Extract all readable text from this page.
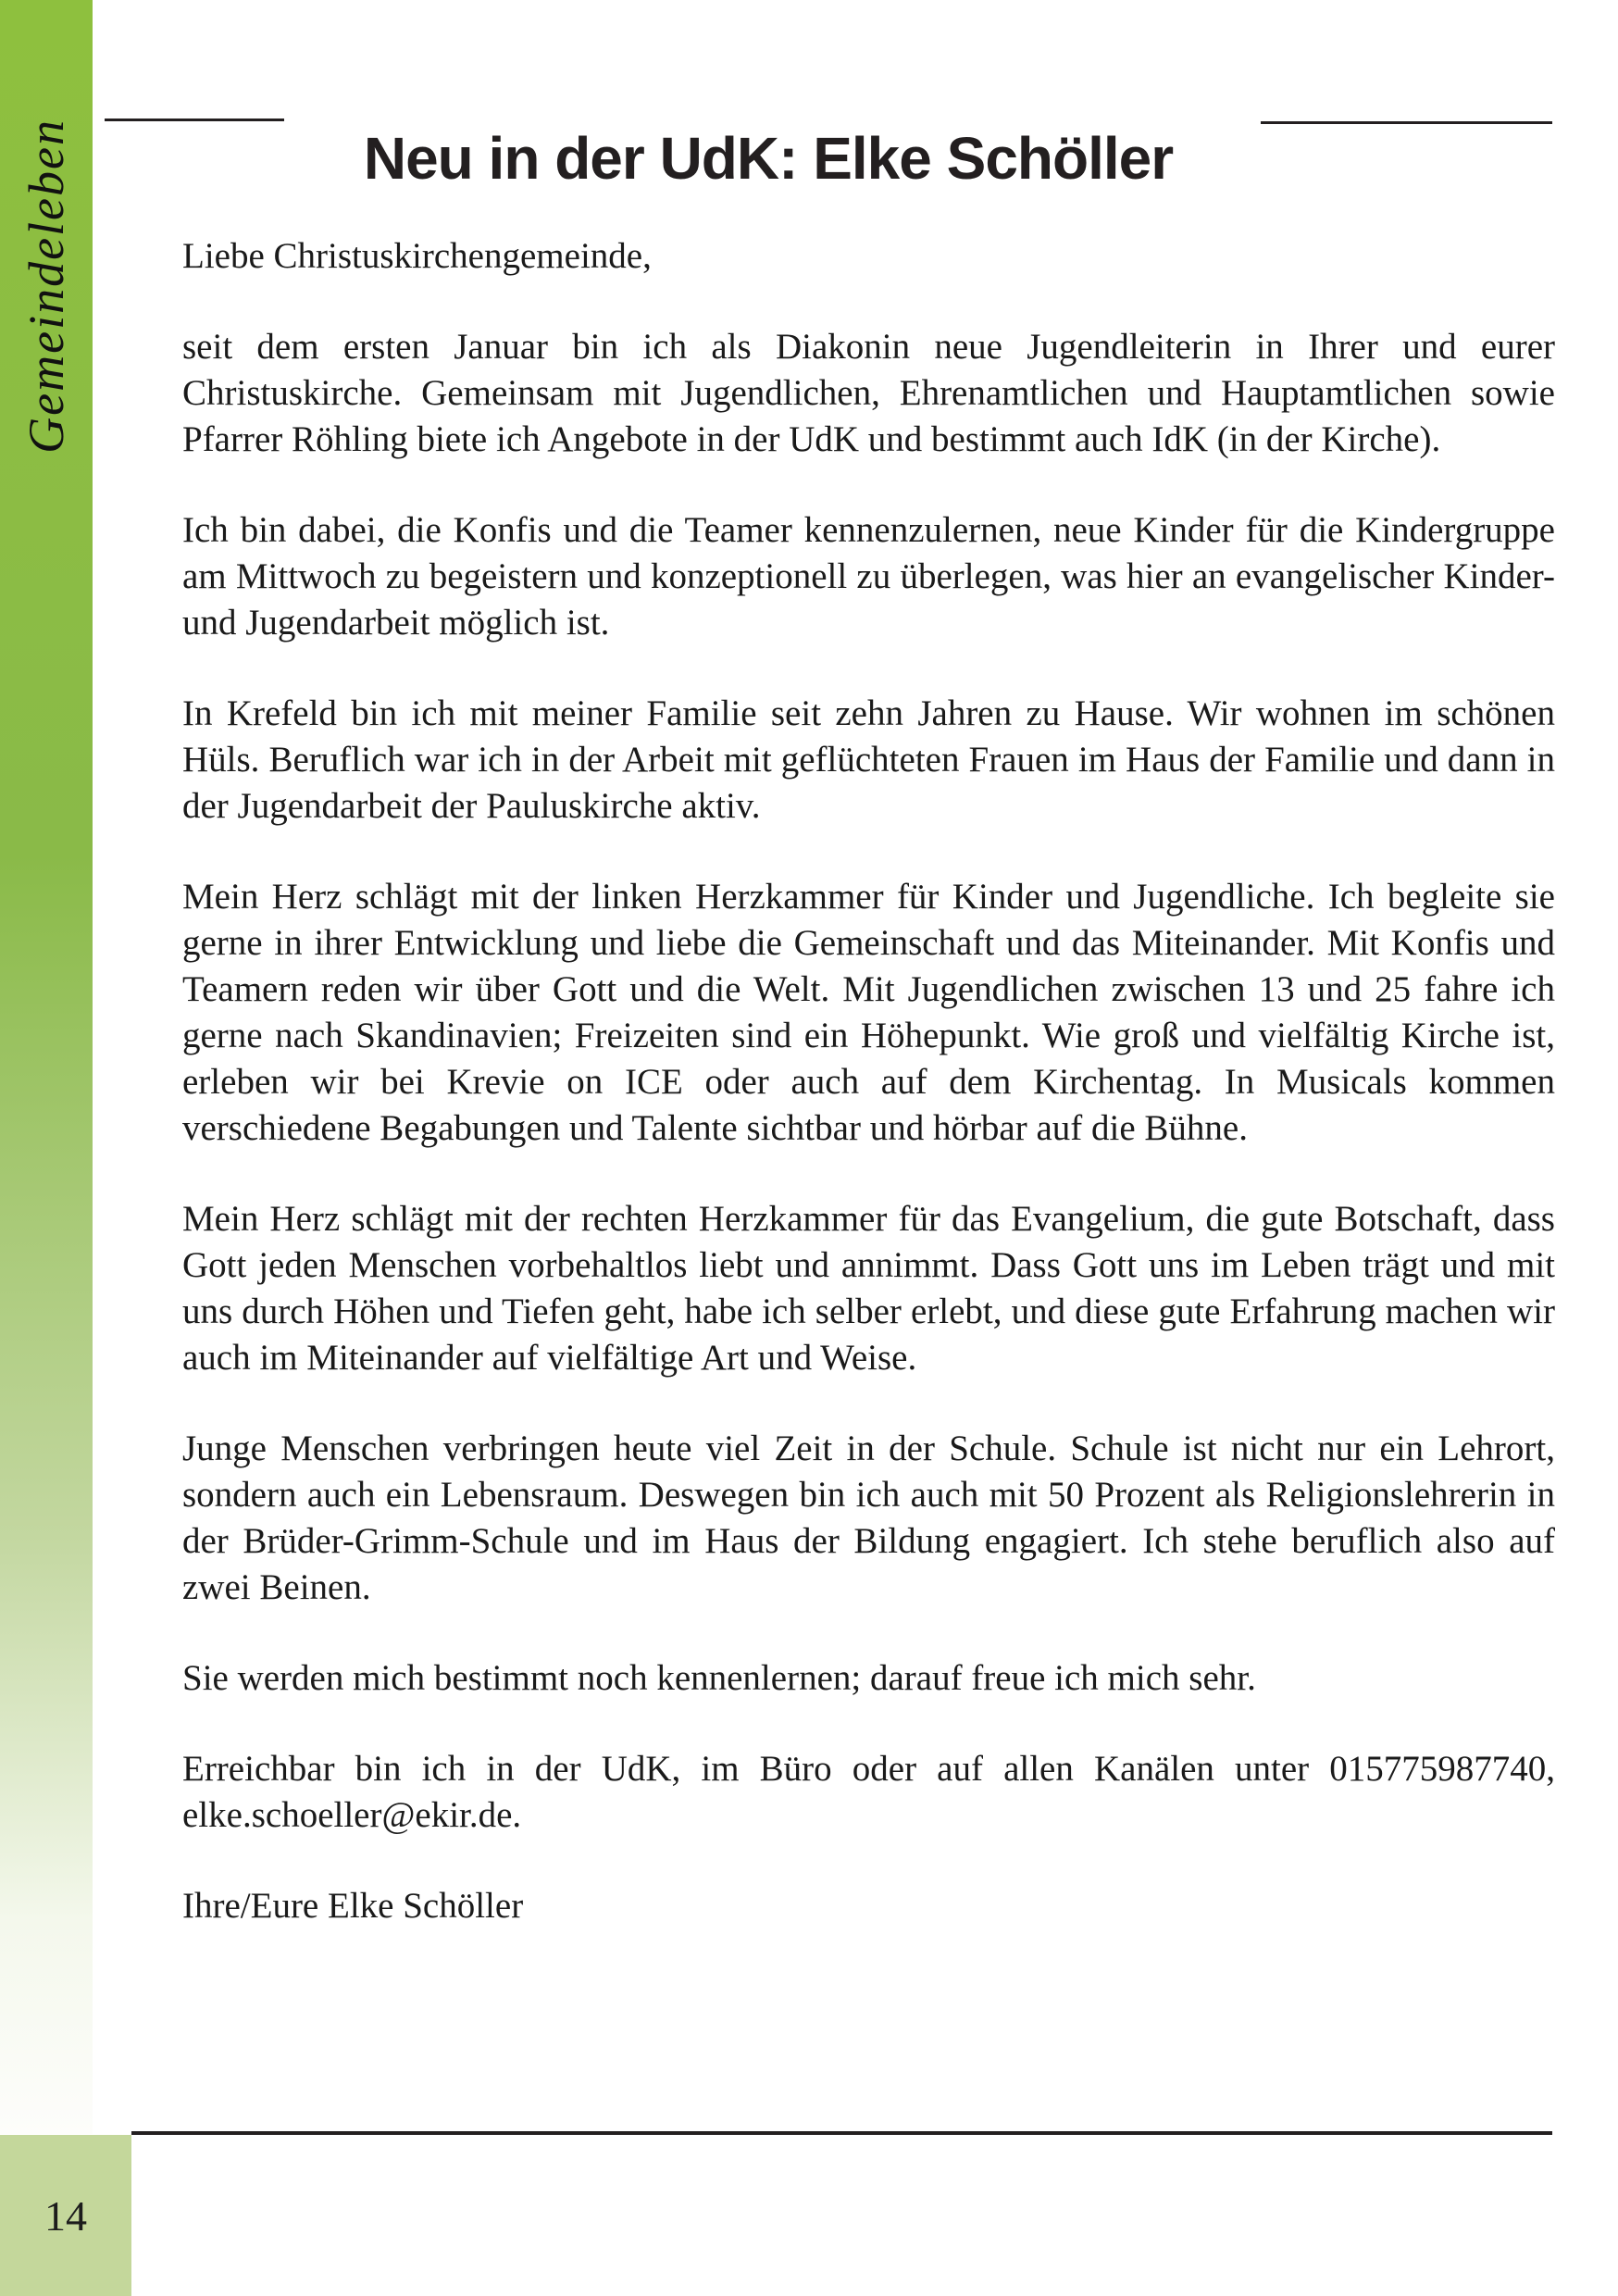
Gemeindeleben	Neu in der UdK: Elke Schöller

Liebe Christuskirchengemeinde,

seit dem ersten Januar bin ich als Diakonin neue Jugendleiterin in Ihrer und eurer Christuskirche. Gemeinsam mit Jugendlichen, Ehrenamtlichen und Hauptamtlichen sowie Pfarrer Röhling biete ich Angebote in der UdK und bestimmt auch IdK (in der Kirche).

Ich bin dabei, die Konfis und die Teamer kennenzulernen, neue Kinder für die Kindergruppe am Mittwoch zu begeistern und konzeptionell zu überlegen, was hier an evangelischer Kinder- und Jugendarbeit möglich ist.

In Krefeld bin ich mit meiner Familie seit zehn Jahren zu Hause. Wir wohnen im schönen Hüls. Beruflich war ich in der Arbeit mit geflüchteten Frauen im Haus der Familie und dann in der Jugendarbeit der Pauluskirche aktiv.

Mein Herz schlägt mit der linken Herzkammer für Kinder und Jugendliche. Ich begleite sie gerne in ihrer Entwicklung und liebe die Gemeinschaft und das Miteinander. Mit Konfis und Teamern reden wir über Gott und die Welt. Mit Jugendlichen zwischen 13 und 25 fahre ich gerne nach Skandinavien; Freizeiten sind ein Höhepunkt. Wie groß und vielfältig Kirche ist, erleben wir bei Krevie on ICE oder auch auf dem Kirchentag. In Musicals kommen verschiedene Begabungen und Talente sichtbar und hörbar auf die Bühne.

Mein Herz schlägt mit der rechten Herzkammer für das Evangelium, die gute Botschaft, dass Gott jeden Menschen vorbehaltlos liebt und annimmt. Dass Gott uns im Leben trägt und mit uns durch Höhen und Tiefen geht, habe ich selber erlebt, und diese gute Erfahrung machen wir auch im Miteinander auf vielfältige Art und Weise.

Junge Menschen verbringen heute viel Zeit in der Schule. Schule ist nicht nur ein Lehrort, sondern auch ein Lebensraum. Deswegen bin ich auch mit 50 Prozent als Religionslehrerin in der Brüder-Grimm-Schule und im Haus der Bildung engagiert. Ich stehe beruflich also auf zwei Beinen.

Sie werden mich bestimmt noch kennenlernen; darauf freue ich mich sehr.

Erreichbar bin ich in der UdK, im Büro oder auf allen Kanälen unter 015775987740, elke.schoeller@ekir.de.

Ihre/Eure Elke Schöller

14
